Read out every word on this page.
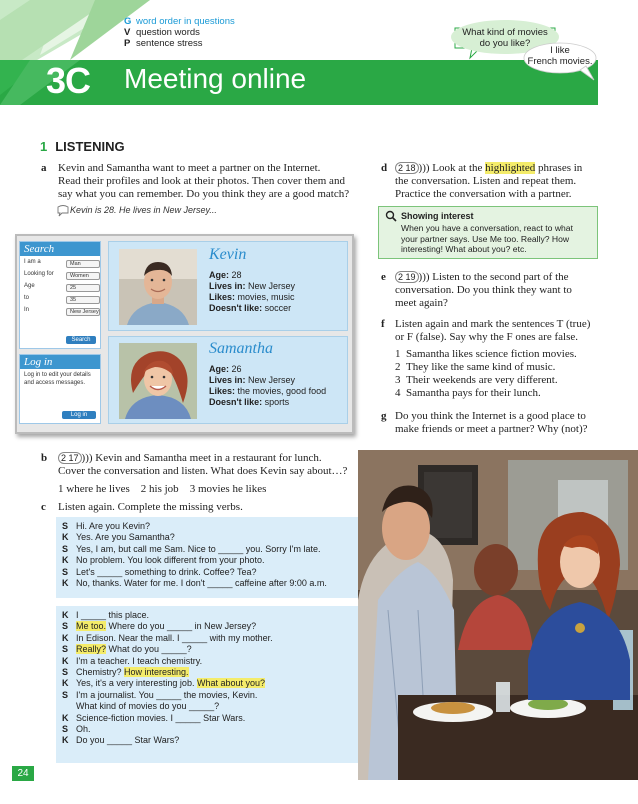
G word order in questions
V question words
P sentence stress
3C Meeting online
What kind of movies
do you like?
I like
French movies.
1 LISTENING
a Kevin and Samantha want to meet a partner on the Internet.
Read their profiles and look at their photos. Then cover them and
say what you can remember. Do you think they are a good match?
Kevin is 28. He lives in New Jersey...
Search
I am a	Man
Looking for	Women
Age	25
to	35
In	New Jersey
Search
Log in
Log in to edit your details
and access messages.
Log in
Kevin
Age: 28
Lives in: New Jersey
Likes: movies, music
Doesn't like: soccer
Samantha
Age: 26
Lives in: New Jersey
Likes: the movies, good food
Doesn't like: sports
b	2 17 ))) Kevin and Samantha meet in a restaurant for lunch.
Cover the conversation and listen. What does Kevin say about…?
1 where he lives 2 his job 3 movies he likes
c Listen again. Complete the missing verbs.
S Hi. Are you Kevin?
K Yes. Are you Samantha?
S Yes, I am, but call me Sam. Nice to _____ you. Sorry I'm late.
K No problem. You look different from your photo.
S Let's _____ something to drink. Coffee? Tea?
K No, thanks. Water for me. I don't _____ caffeine after 9:00 a.m.
K I _____ this place.
S Me too. Where do you _____ in New Jersey?
K In Edison. Near the mall. I _____ with my mother.
S Really? What do you _____?
K I'm a teacher. I teach chemistry.
S Chemistry? How interesting.
K Yes, it's a very interesting job. What about you?
S I'm a journalist. You _____ the movies, Kevin.
What kind of movies do you _____?
K Science-fiction movies. I _____ Star Wars.
S Oh.
K Do you _____ Star Wars?
d	2 18 ))) Look at the highlighted phrases in
the conversation. Listen and repeat them.
Practice the conversation with a partner.
Showing interest
When you have a conversation, react to what
your partner says. Use Me too. Really? How
interesting! What about you? etc.
e	2 19 ))) Listen to the second part of the
conversation. Do you think they want to
meet again?
f Listen again and mark the sentences T (true)
or F (false). Say why the F ones are false.
1 Samantha likes science fiction movies.
2 They like the same kind of music.
3 Their weekends are very different.
4 Samantha pays for their lunch.
g Do you think the Internet is a good place to
make friends or meet a partner? Why (not)?
24
